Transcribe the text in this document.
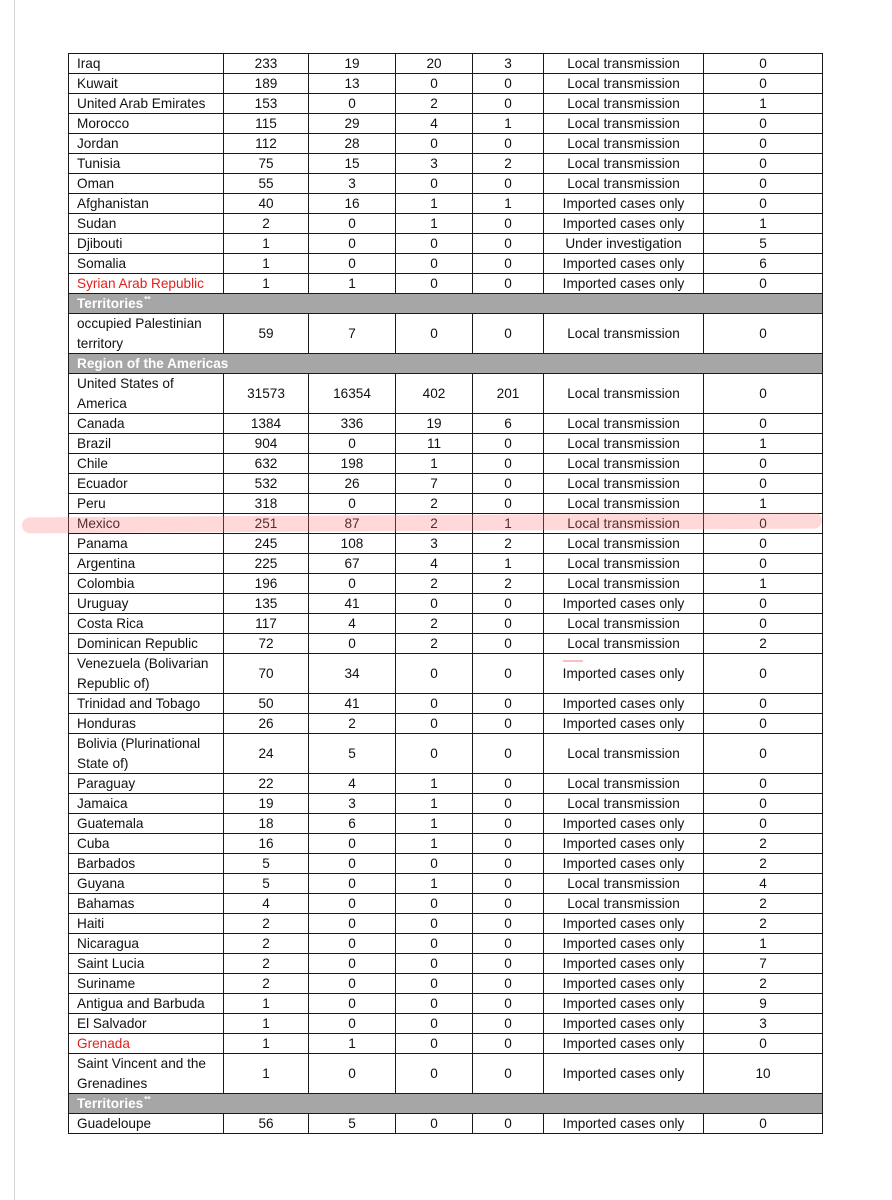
Iraq	233	19	20	3	Local transmission	0
Kuwait	189	13	0	0	Local transmission	0
United Arab Emirates	153	0	2	0	Local transmission	1
Morocco	115	29	4	1	Local transmission	0
Jordan	112	28	0	0	Local transmission	0
Tunisia	75	15	3	2	Local transmission	0
Oman	55	3	0	0	Local transmission	0
Afghanistan	40	16	1	1	Imported cases only	0
Sudan	2	0	1	0	Imported cases only	1
Djibouti	1	0	0	0	Under investigation	5
Somalia	1	0	0	0	Imported cases only	6
Syrian Arab Republic	1	1	0	0	Imported cases only	0
Territories**
occupied Palestinian territory	59	7	0	0	Local transmission	0
Region of the Americas						
United States of America	31573	16354	402	201	Local transmission	0
Canada	1384	336	19	6	Local transmission	0
Brazil	904	0	11	0	Local transmission	1
Chile	632	198	1	0	Local transmission	0
Ecuador	532	26	7	0	Local transmission	0
Peru	318	0	2	0	Local transmission	1
Mexico	251	87	2	1	Local transmission	0
Panama	245	108	3	2	Local transmission	0
Argentina	225	67	4	1	Local transmission	0
Colombia	196	0	2	2	Local transmission	1
Uruguay	135	41	0	0	Imported cases only	0
Costa Rica	117	4	2	0	Local transmission	0
Dominican Republic	72	0	2	0	Local transmission	2
Venezuela (Bolivarian Republic of)	70	34	0	0	Imported cases only	0
Trinidad and Tobago	50	41	0	0	Imported cases only	0
Honduras	26	2	0	0	Imported cases only	0
Bolivia (Plurinational State of)	24	5	0	0	Local transmission	0
Paraguay	22	4	1	0	Local transmission	0
Jamaica	19	3	1	0	Local transmission	0
Guatemala	18	6	1	0	Imported cases only	0
Cuba	16	0	1	0	Imported cases only	2
Barbados	5	0	0	0	Imported cases only	2
Guyana	5	0	1	0	Local transmission	4
Bahamas	4	0	0	0	Local transmission	2
Haiti	2	0	0	0	Imported cases only	2
Nicaragua	2	0	0	0	Imported cases only	1
Saint Lucia	2	0	0	0	Imported cases only	7
Suriname	2	0	0	0	Imported cases only	2
Antigua and Barbuda	1	0	0	0	Imported cases only	9
El Salvador	1	0	0	0	Imported cases only	3
Grenada	1	1	0	0	Imported cases only	0
Saint Vincent and the Grenadines	1	0	0	0	Imported cases only	10
Territories**
Guadeloupe	56	5	0	0	Imported cases only	0
